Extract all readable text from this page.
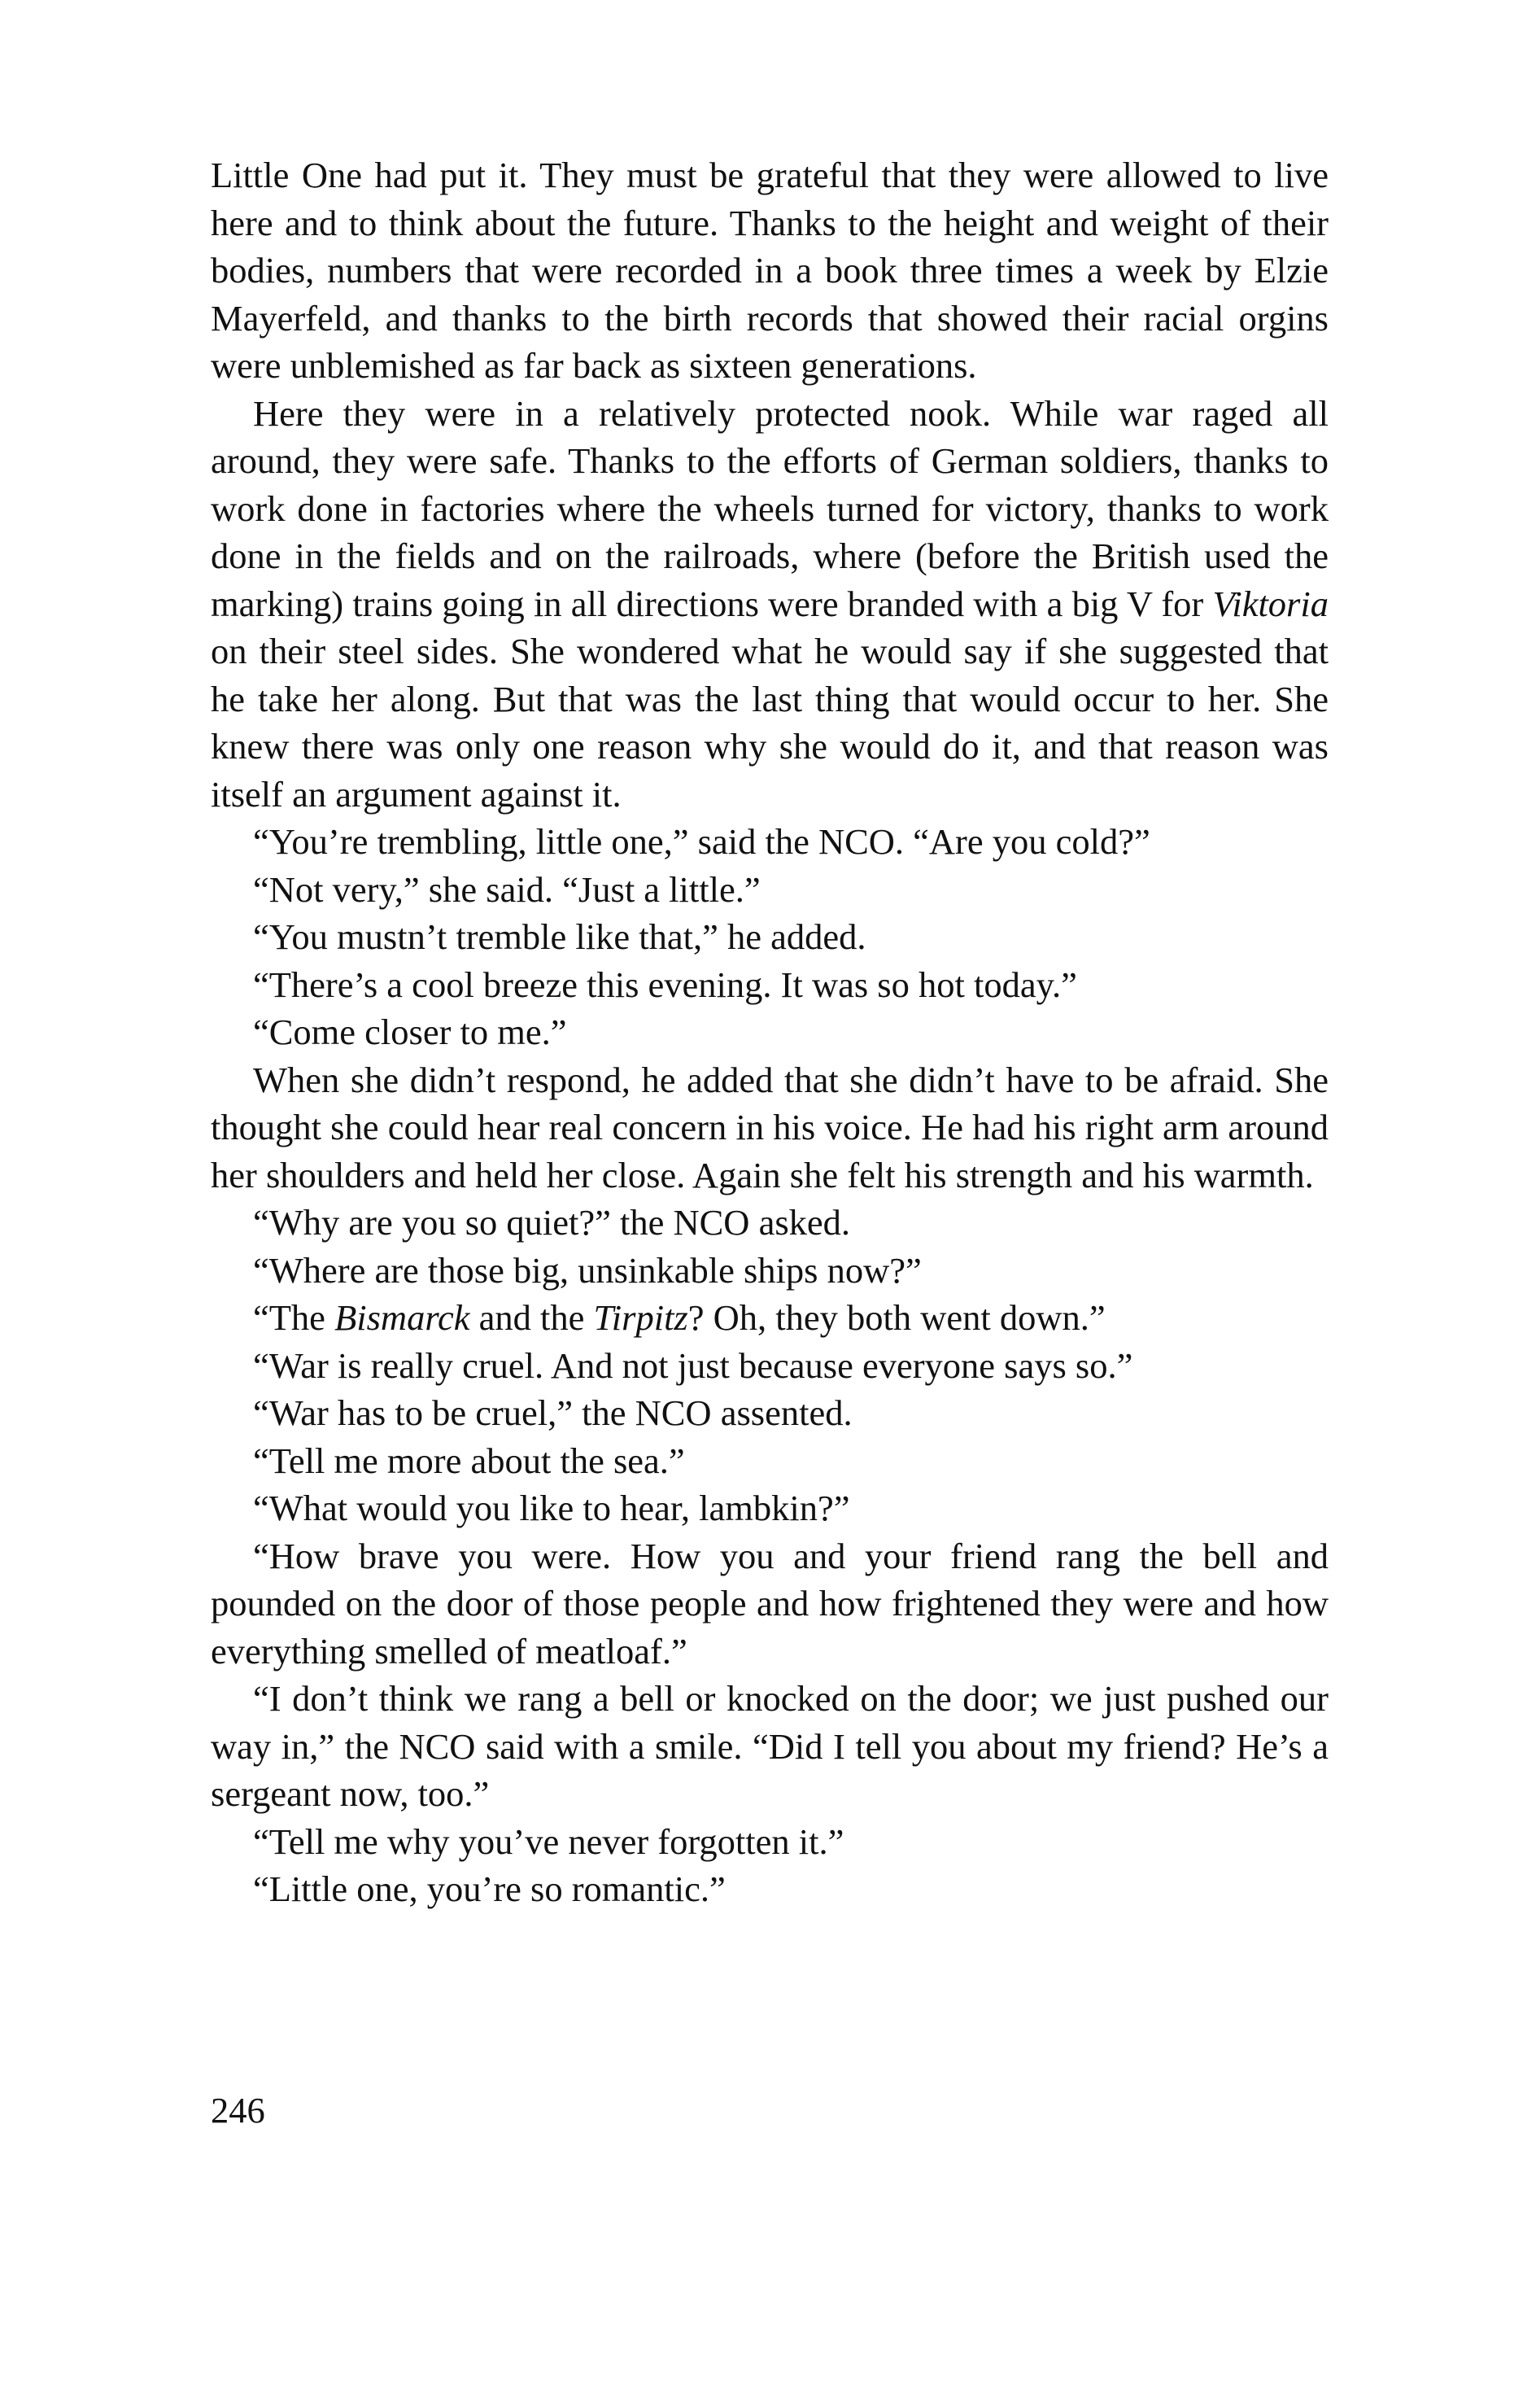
Little One had put it. They must be grateful that they were allowed to live here and to think about the future. Thanks to the height and weight of their bodies, numbers that were recorded in a book three times a week by Elzie Mayerfeld, and thanks to the birth records that showed their racial orgins were unblemished as far back as sixteen generations.

Here they were in a relatively protected nook. While war raged all around, they were safe. Thanks to the efforts of German soldiers, thanks to work done in factories where the wheels turned for victory, thanks to work done in the fields and on the railroads, where (before the British used the marking) trains going in all directions were branded with a big V for Viktoria on their steel sides. She wondered what he would say if she suggested that he take her along. But that was the last thing that would occur to her. She knew there was only one reason why she would do it, and that reason was itself an argument against it.

“You’re trembling, little one,” said the NCO. “Are you cold?”

“Not very,” she said. “Just a little.”

“You mustn’t tremble like that,” he added.

“There’s a cool breeze this evening. It was so hot today.”

“Come closer to me.”

When she didn’t respond, he added that she didn’t have to be afraid. She thought she could hear real concern in his voice. He had his right arm around her shoulders and held her close. Again she felt his strength and his warmth.

“Why are you so quiet?” the NCO asked.

“Where are those big, unsinkable ships now?”

“The Bismarck and the Tirpitz? Oh, they both went down.”

“War is really cruel. And not just because everyone says so.”

“War has to be cruel,” the NCO assented.

“Tell me more about the sea.”

“What would you like to hear, lambkin?”

“How brave you were. How you and your friend rang the bell and pounded on the door of those people and how frightened they were and how everything smelled of meatloaf.”

“I don’t think we rang a bell or knocked on the door; we just pushed our way in,” the NCO said with a smile. “Did I tell you about my friend? He’s a sergeant now, too.”

“Tell me why you’ve never forgotten it.”

“Little one, you’re so romantic.”

246
